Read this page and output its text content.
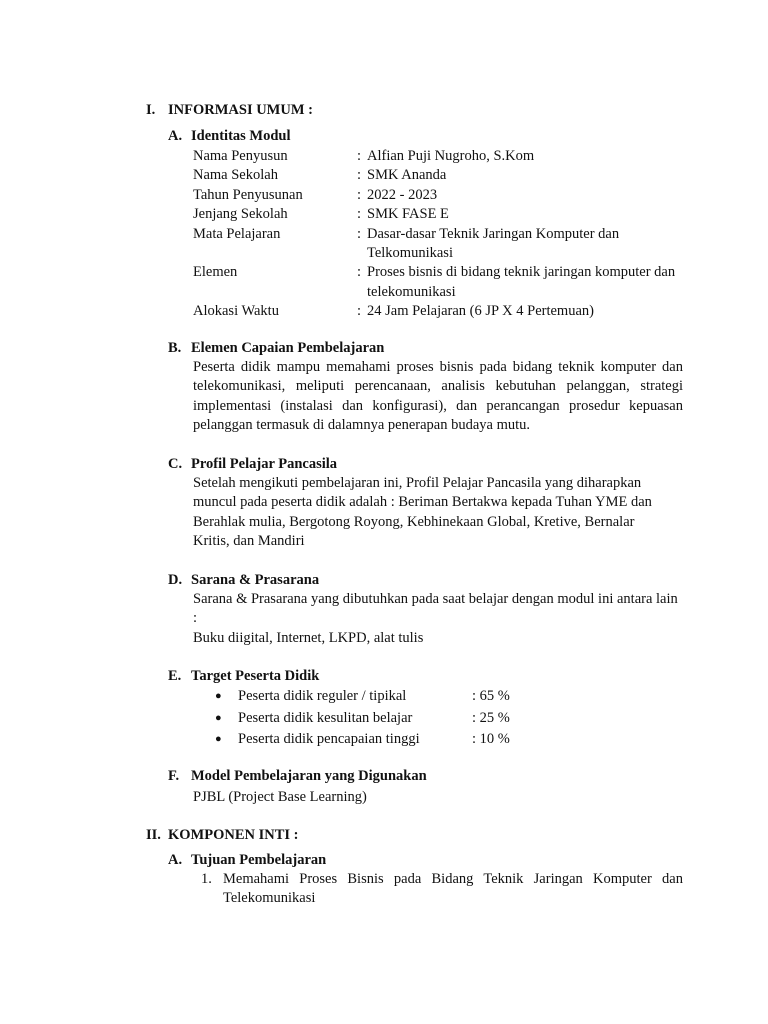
I. INFORMASI UMUM :
A. Identitas Modul
Nama Penyusun	: Alfian Puji Nugroho, S.Kom
Nama Sekolah	: SMK Ananda
Tahun Penyusunan	: 2022 - 2023
Jenjang Sekolah	: SMK FASE E
Mata Pelajaran	: Dasar-dasar Teknik Jaringan Komputer dan Telkomunikasi
Elemen	: Proses bisnis di bidang teknik jaringan komputer dan telekomunikasi
Alokasi Waktu	: 24 Jam Pelajaran (6 JP X 4 Pertemuan)
B. Elemen Capaian Pembelajaran
Peserta didik mampu memahami proses bisnis pada bidang teknik komputer dan telekomunikasi, meliputi perencanaan, analisis kebutuhan pelanggan, strategi implementasi (instalasi dan konfigurasi), dan perancangan prosedur kepuasan pelanggan termasuk di dalamnya penerapan budaya mutu.
C. Profil Pelajar Pancasila
Setelah mengikuti pembelajaran ini, Profil Pelajar Pancasila yang diharapkan muncul pada peserta didik adalah : Beriman Bertakwa kepada Tuhan YME dan Berahlak mulia, Bergotong Royong, Kebhinekaan Global, Kretive, Bernalar Kritis, dan Mandiri
D. Sarana & Prasarana
Sarana & Prasarana yang dibutuhkan pada saat belajar dengan modul ini antara lain :
Buku diigital, Internet, LKPD, alat tulis
E. Target Peserta Didik
●	Peserta didik reguler / tipikal	: 65 %
●	Peserta didik kesulitan belajar	: 25 %
●	Peserta didik pencapaian tinggi	: 10 %
F. Model Pembelajaran yang Digunakan
PJBL (Project Base Learning)
II. KOMPONEN INTI :
A. Tujuan Pembelajaran
1. Memahami Proses Bisnis pada Bidang Teknik Jaringan Komputer dan Telekomunikasi
